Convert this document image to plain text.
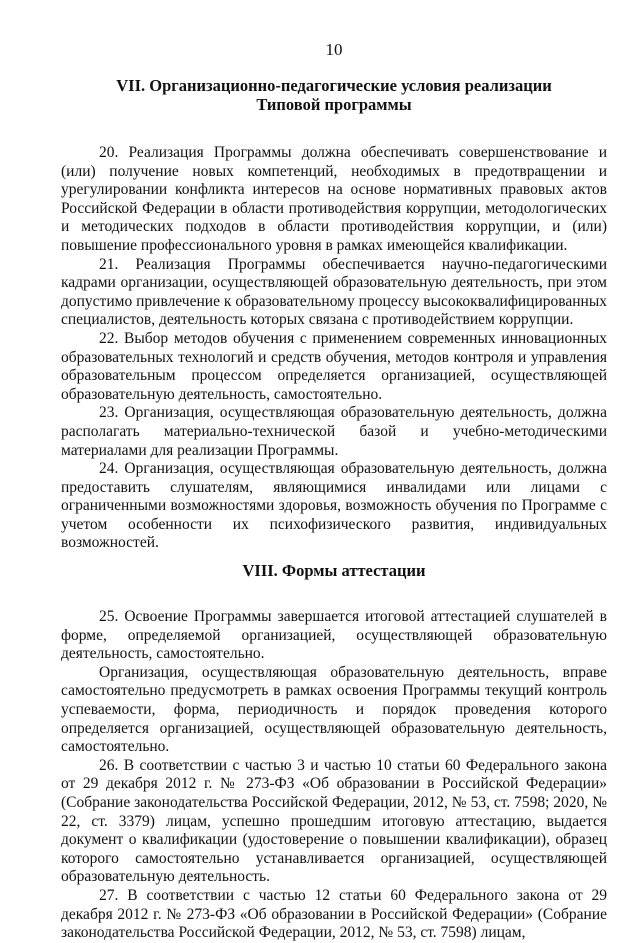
10
VII. Организационно-педагогические условия реализации
Типовой программы

20. Реализация Программы должна обеспечивать совершенствование и (или) получение новых компетенций, необходимых в предотвращении и урегулировании конфликта интересов на основе нормативных правовых актов Российской Федерации в области противодействия коррупции, методологических и методических подходов в области противодействия коррупции, и (или) повышение профессионального уровня в рамках имеющейся квалификации.

21. Реализация Программы обеспечивается научно-педагогическими кадрами организации, осуществляющей образовательную деятельность, при этом допустимо привлечение к образовательному процессу высококвалифицированных специалистов, деятельность которых связана с противодействием коррупции.

22. Выбор методов обучения с применением современных инновационных образовательных технологий и средств обучения, методов контроля и управления образовательным процессом определяется организацией, осуществляющей образовательную деятельность, самостоятельно.

23. Организация, осуществляющая образовательную деятельность, должна располагать материально-технической базой и учебно-методическими материалами для реализации Программы.

24. Организация, осуществляющая образовательную деятельность, должна предоставить слушателям, являющимися инвалидами или лицами с ограниченными возможностями здоровья, возможность обучения по Программе с учетом особенности их психофизического развития, индивидуальных возможностей.

VIII. Формы аттестации

25. Освоение Программы завершается итоговой аттестацией слушателей в форме, определяемой организацией, осуществляющей образовательную деятельность, самостоятельно.

Организация, осуществляющая образовательную деятельность, вправе самостоятельно предусмотреть в рамках освоения Программы текущий контроль успеваемости, форма, периодичность и порядок проведения которого определяется организацией, осуществляющей образовательную деятельность, самостоятельно.

26. В соответствии с частью 3 и частью 10 статьи 60 Федерального закона от 29 декабря 2012 г. № 273-ФЗ «Об образовании в Российской Федерации» (Собрание законодательства Российской Федерации, 2012, № 53, ст. 7598; 2020, № 22, ст. 3379) лицам, успешно прошедшим итоговую аттестацию, выдается документ о квалификации (удостоверение о повышении квалификации), образец которого самостоятельно устанавливается организацией, осуществляющей образовательную деятельность.

27. В соответствии с частью 12 статьи 60 Федерального закона от 29 декабря 2012 г. № 273-ФЗ «Об образовании в Российской Федерации» (Собрание законодательства Российской Федерации, 2012, № 53, ст. 7598) лицам,
